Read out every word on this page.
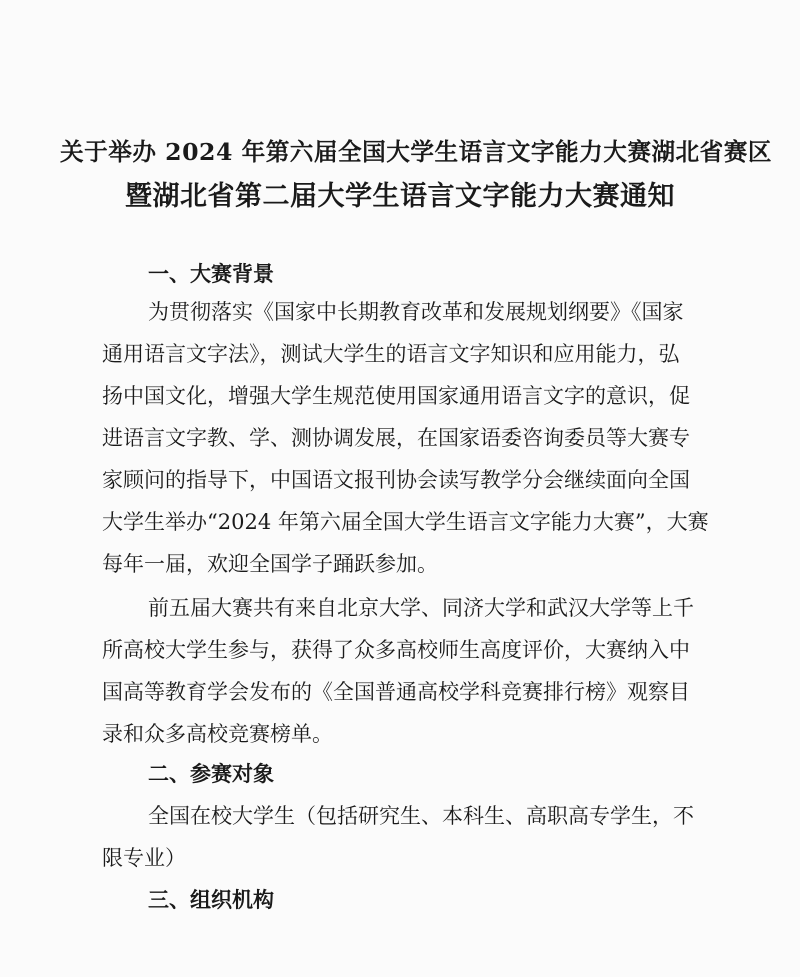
关于举办 2024 年第六届全国大学生语言文字能力大赛湖北省赛区
暨湖北省第二届大学生语言文字能力大赛通知
一、大赛背景
为贯彻落实《国家中长期教育改革和发展规划纲要》《国家
通用语言文字法》，测试大学生的语言文字知识和应用能力，弘
扬中国文化，增强大学生规范使用国家通用语言文字的意识，促
进语言文字教、学、测协调发展，在国家语委咨询委员等大赛专
家顾问的指导下，中国语文报刊协会读写教学分会继续面向全国
大学生举办“2024 年第六届全国大学生语言文字能力大赛”，大赛
每年一届，欢迎全国学子踊跃参加。
前五届大赛共有来自北京大学、同济大学和武汉大学等上千
所高校大学生参与，获得了众多高校师生高度评价，大赛纳入中
国高等教育学会发布的《全国普通高校学科竞赛排行榜》观察目
录和众多高校竞赛榜单。
二、参赛对象
全国在校大学生（包括研究生、本科生、高职高专学生，不
限专业）
三、组织机构
